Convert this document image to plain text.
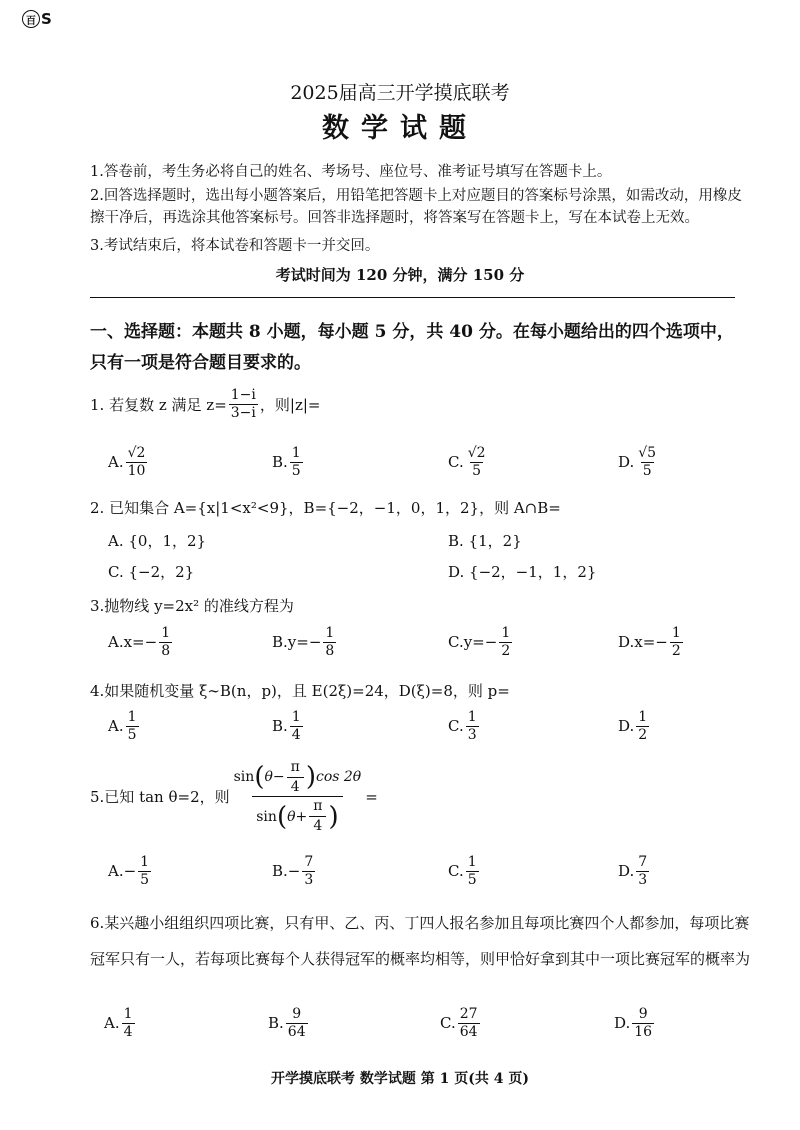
百 S
2025届高三开学摸底联考
数学试题
1.答卷前，考生务必将自己的姓名、考场号、座位号、准考证号填写在答题卡上。
2.回答选择题时，选出每小题答案后，用铅笔把答题卡上对应题目的答案标号涂黑，如需改动，用橡皮擦干净后，再选涂其他答案标号。回答非选择题时，将答案写在答题卡上，写在本试卷上无效。
3.考试结束后，将本试卷和答题卡一并交回。
考试时间为 120 分钟，满分 150 分
一、选择题：本题共 8 小题，每小题 5 分，共 40 分。在每小题给出的四个选项中，只有一项是符合题目要求的。
1. 若复数 z 满足 $z= \frac{1-i}{3-i}$ ，则|z|=
A. $\frac{√2}{10}$	B. $\frac{1}{5}$	C. $\frac{√2}{5}$	D. $\frac{√5}{5}$
2. 已知集合 A={x|1<x²<9}，B={−2，−1，0，1，2}，则 A∩B=
A. {0，1，2}	B. {1，2}
C. {−2，2}	D. {−2，−1，1，2}
3.抛物线 y=2x² 的准线方程为
$A.x=- \frac{1}{8}$	$B.y=- \frac{1}{8}$	$C.y=- \frac{1}{2}$	$D.x=- \frac{1}{2}$
4.如果随机变量 ξ∼B(n，p)，且 E(2ξ)=24，D(ξ)=8，则 p=
A. $\frac{1}{5}$	B. $\frac{1}{4}$	C. $\frac{1}{3}$	D. $\frac{1}{2}$
5.已知 tan θ=2，则 $\frac{\sin ( \theta- \frac{\pi}{4} ) \cos 2\theta}{\sin ( \theta+ \frac{\pi}{4} )}$ =
$A.- \frac{1}{5}$	$B.- \frac{7}{3}$	C. $\frac{1}{5}$	D. $\frac{7}{3}$
6.某兴趣小组组织四项比赛，只有甲、乙、丙、丁四人报名参加且每项比赛四个人都参加，每项比赛冠军只有一人，若每项比赛每个人获得冠军的概率均相等，则甲恰好拿到其中一项比赛冠军的概率为
A. $\frac{1}{4}$	B. $\frac{9}{64}$	C. $\frac{27}{64}$	D. $\frac{9}{16}$
开学摸底联考 数学试题 第 1 页(共 4 页)
